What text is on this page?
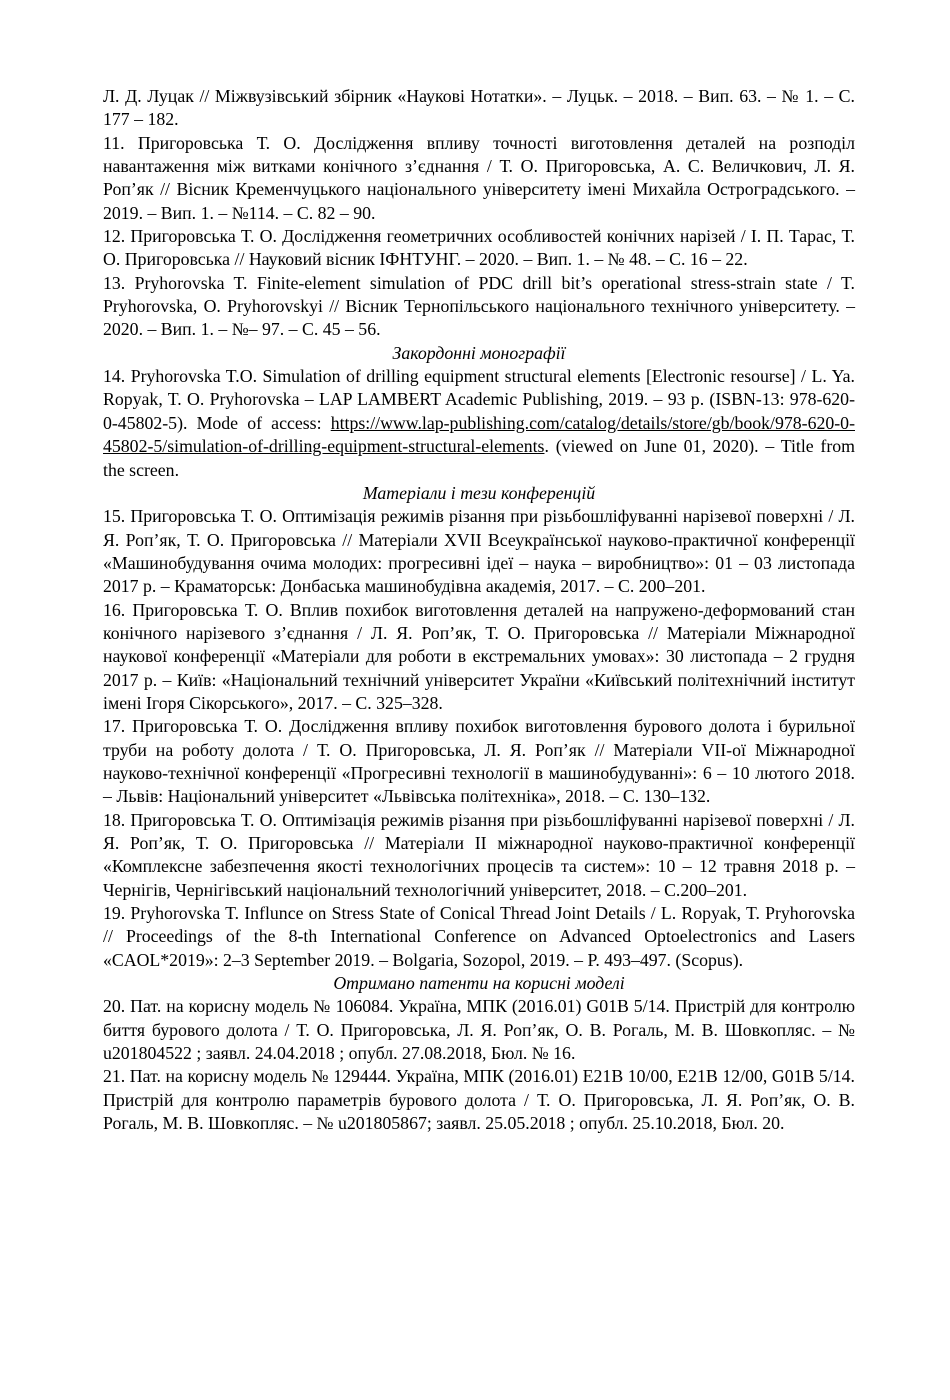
Л. Д. Луцак // Міжвузівський збірник «Наукові Нотатки». – Луцьк. – 2018. – Вип. 63. – № 1. – С. 177 – 182.

11. Пригоровська Т. О. Дослідження впливу точності виготовлення деталей на розподіл навантаження між витками конічного з’єднання / Т. О. Пригоровська, А. С. Величкович, Л. Я. Роп’як // Вісник Кременчуцького національного університету імені Михайла Остроградського. – 2019. – Вип. 1. – №114. – С. 82 – 90.

12. Пригоровська Т. О. Дослідження геометричних особливостей конічних нарізей / І. П. Тарас, Т. О. Пригоровська // Науковий вісник ІФНТУНГ. – 2020. – Вип. 1. – № 48. – С. 16 – 22.

13. Pryhorovska T. Finite-element simulation of PDC drill bit’s operational stress-strain state / T. Pryhorovska, O. Pryhorovskyi // Вісник Тернопільського національного технічного університету. – 2020. – Вип. 1. – №– 97. – С. 45 – 56.

Закордонні монографії

14. Pryhorovska T.O. Simulation of drilling equipment structural elements [Electronic resourse] / L. Ya. Ropyak, T. O. Pryhorovska – LAP LAMBERT Academic Publishing, 2019. – 93 p. (ISBN-13: 978-620-0-45802-5). Mode of access: https://www.lap-publishing.com/catalog/details/store/gb/book/978-620-0-45802-5/simulation-of-drilling-equipment-structural-elements. (viewed on June 01, 2020). – Title from the screen.

Матеріали і тези конференцій

15. Пригоровська Т. О. Оптимізація режимів різання при різьбошліфуванні нарізевої поверхні / Л. Я. Роп’як, Т. О. Пригоровська // Матеріали XVII Всеукраїнської науково-практичної конференції «Машинобудування очима молодих: прогресивні ідеї – наука – виробництво»: 01 – 03 листопада 2017 р. – Краматорськ: Донбаська машинобудівна академія, 2017. – С. 200–201.

16. Пригоровська Т. О. Вплив похибок виготовлення деталей на напружено-деформований стан конічного нарізевого з’єднання / Л. Я. Роп’як, Т. О. Пригоровська // Матеріали Міжнародної наукової конференції «Матеріали для роботи в екстремальних умовах»: 30 листопада – 2 грудня 2017 р. – Київ: «Національний технічний університет України «Київський політехнічний інститут імені Ігоря Сікорського», 2017. – С. 325–328.

17. Пригоровська Т. О. Дослідження впливу похибок виготовлення бурового долота і бурильної труби на роботу долота / Т. О. Пригоровська, Л. Я. Роп’як // Матеріали VII-ої Міжнародної науково-технічної конференції «Прогресивні технології в машинобудуванні»: 6 – 10 лютого 2018. – Львів: Національний університет «Львівська політехніка», 2018. – С. 130–132.

18. Пригоровська Т. О. Оптимізація режимів різання при різьбошліфуванні нарізевої поверхні / Л. Я. Роп’як, Т. О. Пригоровська // Матеріали ІІ міжнародної науково-практичної конференції «Комплексне забезпечення якості технологічних процесів та систем»: 10 – 12 травня 2018 р. – Чернігів, Чернігівський національний технологічний університет, 2018. – С.200–201.

19. Pryhorovska T. Influnce on Stress State of Conical Thread Joint Details / L. Ropyak, T. Pryhorovska // Proceedings of the 8-th International Conference on Advanced Optoelectronics and Lasers «CAOL*2019»: 2–3 September 2019. – Bolgaria, Sozopol, 2019. – P. 493–497. (Scopus).

Отримано патенти на корисні моделі

20. Пат. на корисну модель № 106084. Україна, МПК (2016.01) G01B 5/14. Пристрій для контролю биття бурового долота / Т. О. Пригоровська, Л. Я. Роп’як, О. В. Рогаль, М. В. Шовкопляс. – № u201804522 ; заявл. 24.04.2018 ; опубл. 27.08.2018, Бюл. № 16.

21. Пат. на корисну модель № 129444. Україна, МПК (2016.01) Е21В 10/00, Е21В 12/00, G01B 5/14. Пристрій для контролю параметрів бурового долота / Т. О. Пригоровська, Л. Я. Роп’як, О. В. Рогаль, М. В. Шовкопляс. – № u201805867; заявл. 25.05.2018 ; опубл. 25.10.2018, Бюл. 20.
